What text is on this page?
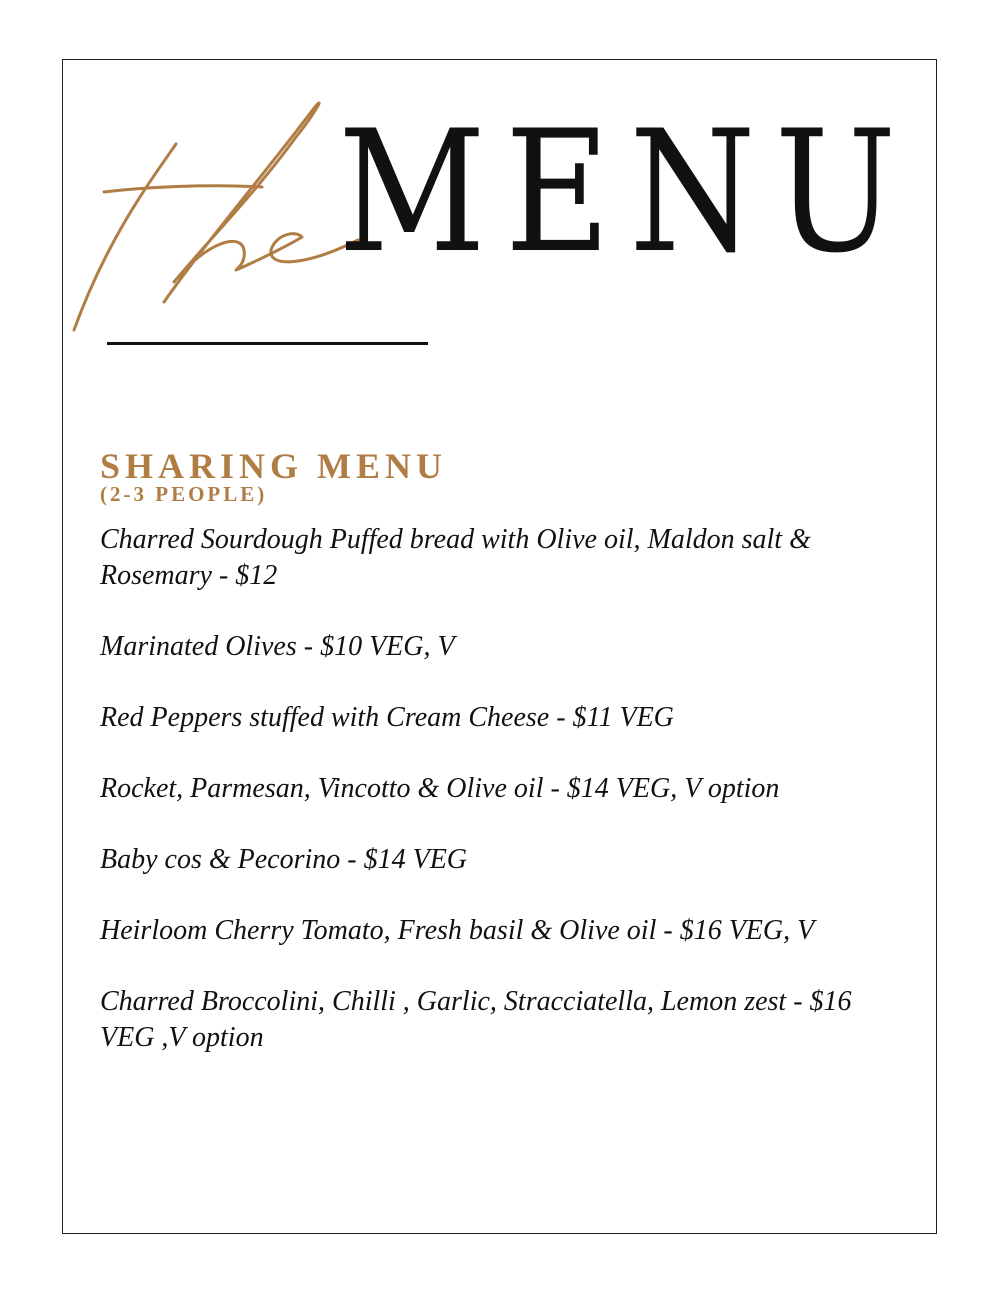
MENU
SHARING MENU
(2-3 PEOPLE)
Charred Sourdough Puffed bread with Olive oil, Maldon salt & Rosemary - $12
Marinated Olives - $10 VEG, V
Red Peppers stuffed with Cream Cheese - $11 VEG
Rocket, Parmesan, Vincotto & Olive oil - $14 VEG, V option
Baby cos & Pecorino - $14 VEG
Heirloom Cherry Tomato, Fresh basil & Olive oil - $16 VEG, V
Charred Broccolini, Chilli , Garlic, Stracciatella, Lemon zest - $16 VEG ,V option
